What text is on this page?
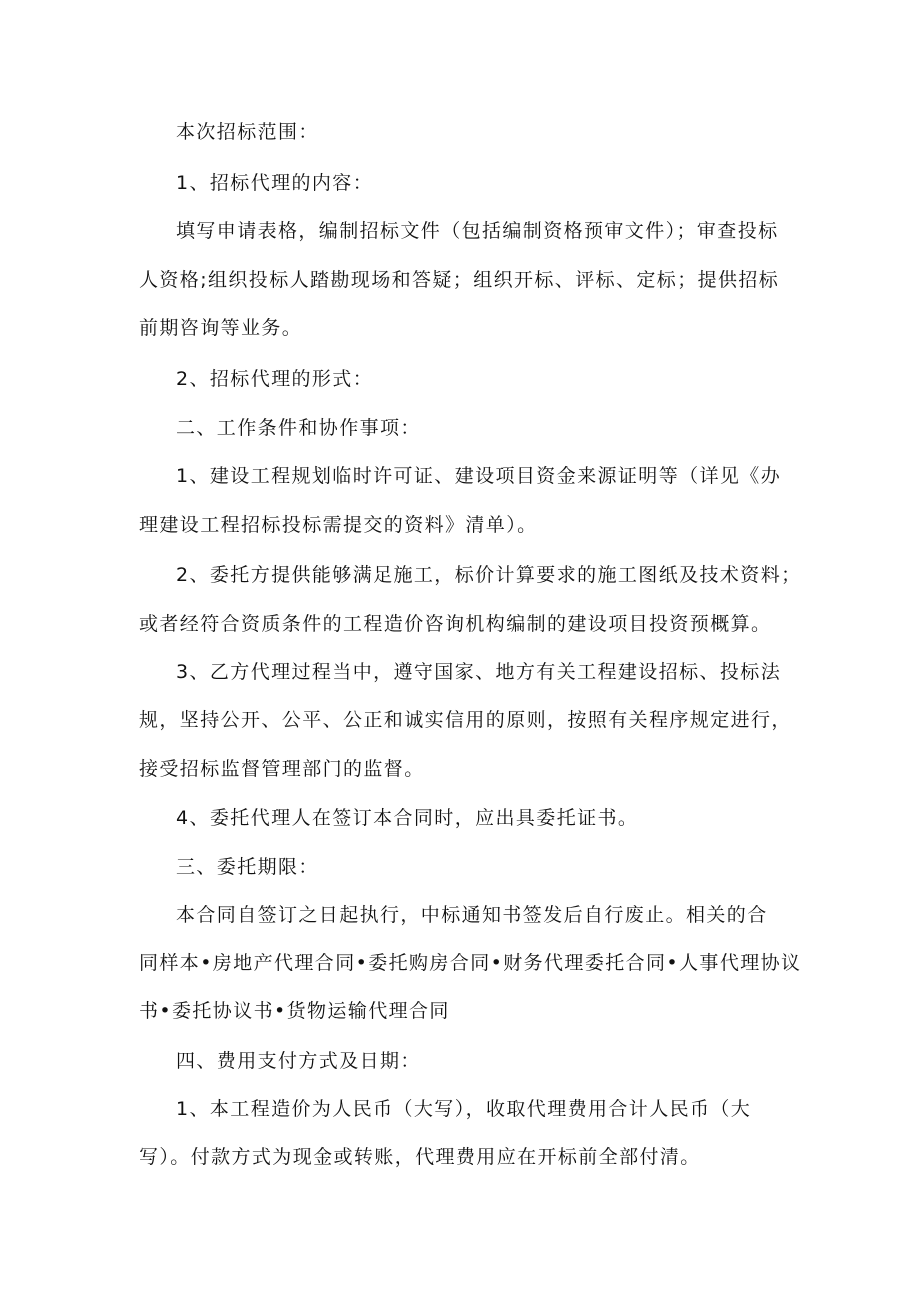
本次招标范围：
1、招标代理的内容：
填写申请表格，编制招标文件（包括编制资格预审文件）；审查投标
人资格;组织投标人踏勘现场和答疑；组织开标、评标、定标；提供招标
前期咨询等业务。
2、招标代理的形式：
二、工作条件和协作事项：
1、建设工程规划临时许可证、建设项目资金来源证明等（详见《办
理建设工程招标投标需提交的资料》清单）。
2、委托方提供能够满足施工，标价计算要求的施工图纸及技术资料；
或者经符合资质条件的工程造价咨询机构编制的建设项目投资预概算。
3、乙方代理过程当中，遵守国家、地方有关工程建设招标、投标法
规，坚持公开、公平、公正和诚实信用的原则，按照有关程序规定进行，
接受招标监督管理部门的监督。
4、委托代理人在签订本合同时，应出具委托证书。
三、委托期限：
本合同自签订之日起执行，中标通知书签发后自行废止。相关的合
同样本•房地产代理合同•委托购房合同•财务代理委托合同•人事代理协议
书•委托协议书•货物运输代理合同
四、费用支付方式及日期：
1、本工程造价为人民币（大写），收取代理费用合计人民币（大
写）。付款方式为现金或转账，代理费用应在开标前全部付清。
